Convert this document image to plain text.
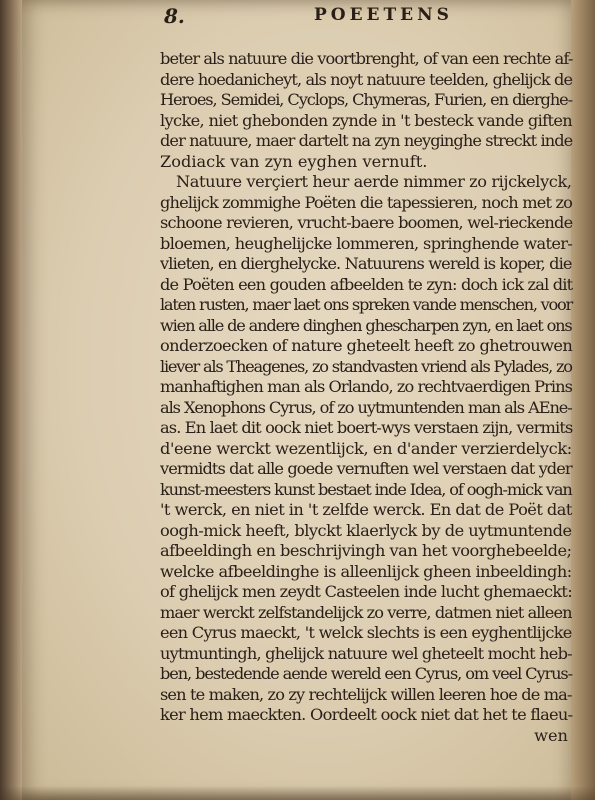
8.	POEETENS
beter als natuure die voortbrenght, of van een rechte af-
dere hoedanicheyt, als noyt natuure teelden, ghelijck de
Heroes, Semidei, Cyclops, Chymeras, Furien, en dierghe-
lycke, niet ghebonden zynde in 't besteck vande giften
der natuure, maer dartelt na zyn neyginghe streckt inde
Zodiack van zyn eyghen vernuft.
Natuure verçiert heur aerde nimmer zo rijckelyck,
ghelijck zommighe Poëten die tapessieren, noch met zo
schoone revieren, vrucht-baere boomen, wel-rieckende
bloemen, heughelijcke lommeren, springhende water-
vlieten, en dierghelycke. Natuurens wereld is koper, die
de Poëten een gouden afbeelden te zyn: doch ick zal dit
laten rusten, maer laet ons spreken vande menschen, voor
wien alle de andere dinghen ghescharpen zyn, en laet ons
onderzoecken of nature gheteelt heeft zo ghetrouwen
liever als Theagenes, zo standvasten vriend als Pylades, zo
manhaftighen man als Orlando, zo rechtvaerdigen Prins
als Xenophons Cyrus, of zo uytmuntenden man als AEne-
as. En laet dit oock niet boert-wys verstaen zijn, vermits
d'eene werckt wezentlijck, en d'ander verzierdelyck:
vermidts dat alle goede vernuften wel verstaen dat yder
kunst-meesters kunst bestaet inde Idea, of oogh-mick van
't werck, en niet in 't zelfde werck. En dat de Poët dat
oogh-mick heeft, blyckt klaerlyck by de uytmuntende
afbeeldingh en beschrijvingh van het voorghebeelde;
welcke afbeeldinghe is alleenlijck gheen inbeeldingh:
of ghelijck men zeydt Casteelen inde lucht ghemaeckt:
maer werckt zelfstandelijck zo verre, datmen niet alleen
een Cyrus maeckt, 't welck slechts is een eyghentlijcke
uytmuntingh, ghelijck natuure wel gheteelt mocht heb-
ben, bestedende aende wereld een Cyrus, om veel Cyrus-
sen te maken, zo zy rechtelijck willen leeren hoe de ma-
ker hem maeckten. Oordeelt oock niet dat het te flaeu-
wen
